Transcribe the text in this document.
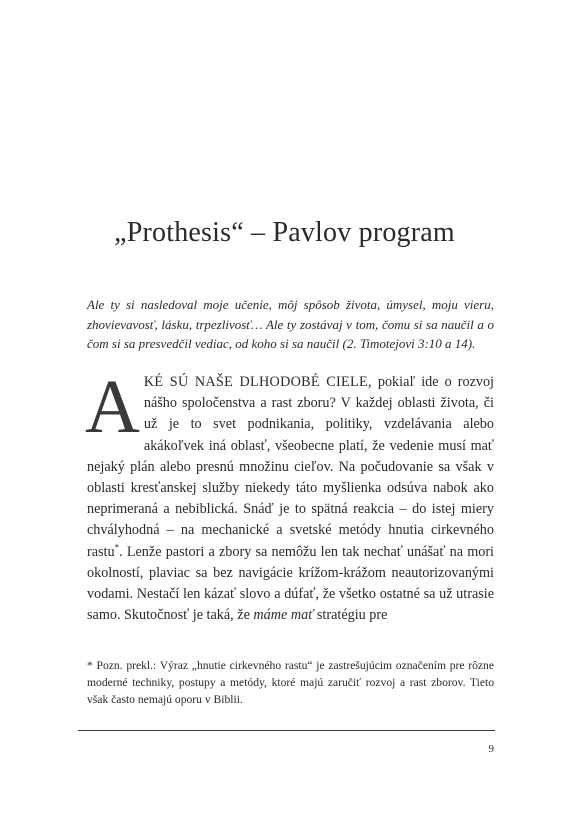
„Prothesis“ – Pavlov program

Ale ty si nasledoval moje učenie, môj spôsob života, úmysel, moju vieru, zhovievavosť, lásku, trpezlivosť… Ale ty zostávaj v tom, čomu si sa naučil a o čom si sa presvedčil vediac, od koho si sa naučil (2. Timotejovi 3:10 a 14).

AKÉ SÚ NAŠE DLHODOBÉ CIELE, pokiaľ ide o rozvoj nášho spoločenstva a rast zboru? V každej oblasti života, či už je to svet podnikania, politiky, vzdelávania alebo akákoľvek iná oblasť, všeobecne platí, že vedenie musí mať nejaký plán alebo presnú množinu cieľov. Na počudovanie sa však v oblasti kresťanskej služby niekedy táto myšlienka odsúva nabok ako neprimeraná a nebiblická. Snáď je to spätná reakcia – do istej miery chvályhodná – na mechanické a svetské metódy hnutia cirkevného rastu*. Lenže pastori a zbory sa nemôžu len tak nechať unášať na mori okolností, plaviac sa bez navigácie krížom-krážom neautorizovanými vodami. Nestačí len kázať slovo a dúfať, že všetko ostatné sa už utrasie samo. Skutočnosť je taká, že máme mať stratégiu pre

* Pozn. prekl.: Výraz „hnutie cirkevného rastu“ je zastrešujúcim označením pre rôzne moderné techniky, postupy a metódy, ktoré majú zaručiť rozvoj a rast zborov. Tieto však často nemajú oporu v Biblii.

9
